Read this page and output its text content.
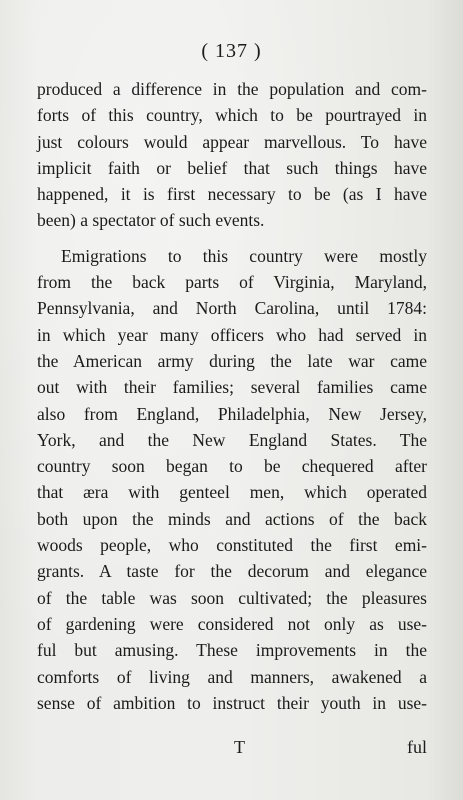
( 137 )
produced a difference in the population and com-
forts of this country, which to be pourtrayed in
just colours would appear marvellous. To have
implicit faith or belief that such things have
happened, it is first necessary to be (as I have
been) a spectator of such events.
Emigrations to this country were mostly
from the back parts of Virginia, Maryland,
Pennsylvania, and North Carolina, until 1784:
in which year many officers who had served in
the American army during the late war came
out with their families; several families came
also from England, Philadelphia, New Jersey,
York, and the New England States. The
country soon began to be chequered after
that æra with genteel men, which operated
both upon the minds and actions of the back
woods people, who constituted the first emi-
grants. A taste for the decorum and elegance
of the table was soon cultivated; the pleasures
of gardening were considered not only as use-
ful but amusing. These improvements in the
comforts of living and manners, awakened a
sense of ambition to instruct their youth in use-
T	ful
